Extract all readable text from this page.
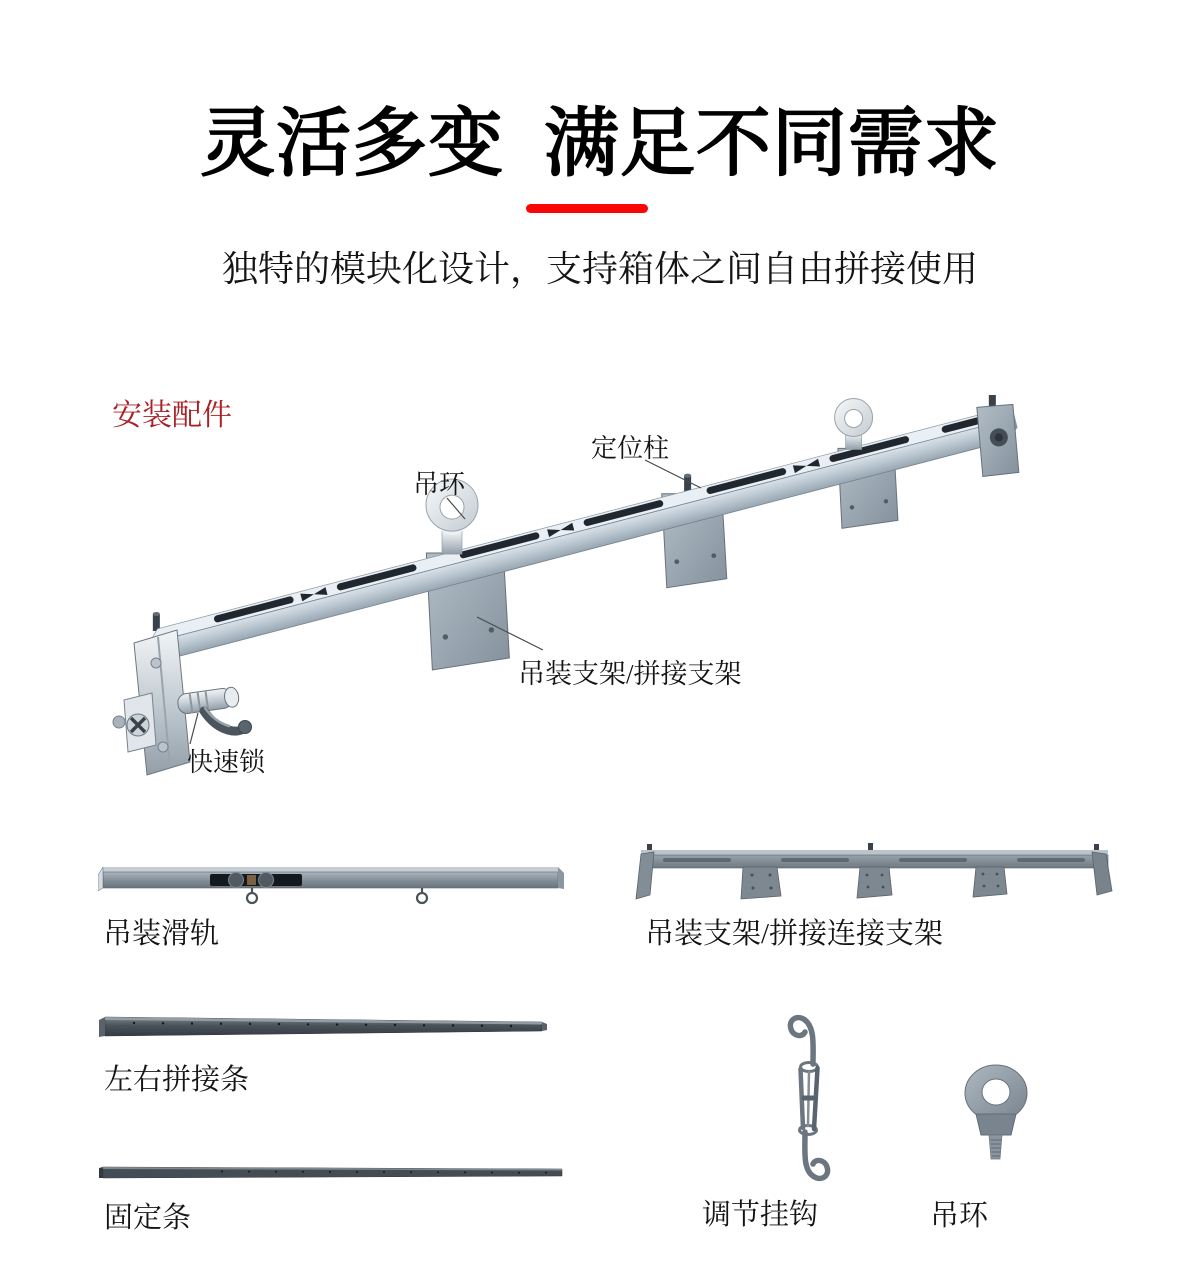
灵活多变 满足不同需求
独特的模块化设计，支持箱体之间自由拼接使用
安装配件
吊环
定位柱
吊装支架/拼接支架
快速锁
吊装滑轨	吊装支架/拼接连接支架
左右拼接条
固定条	调节挂钩	吊环
